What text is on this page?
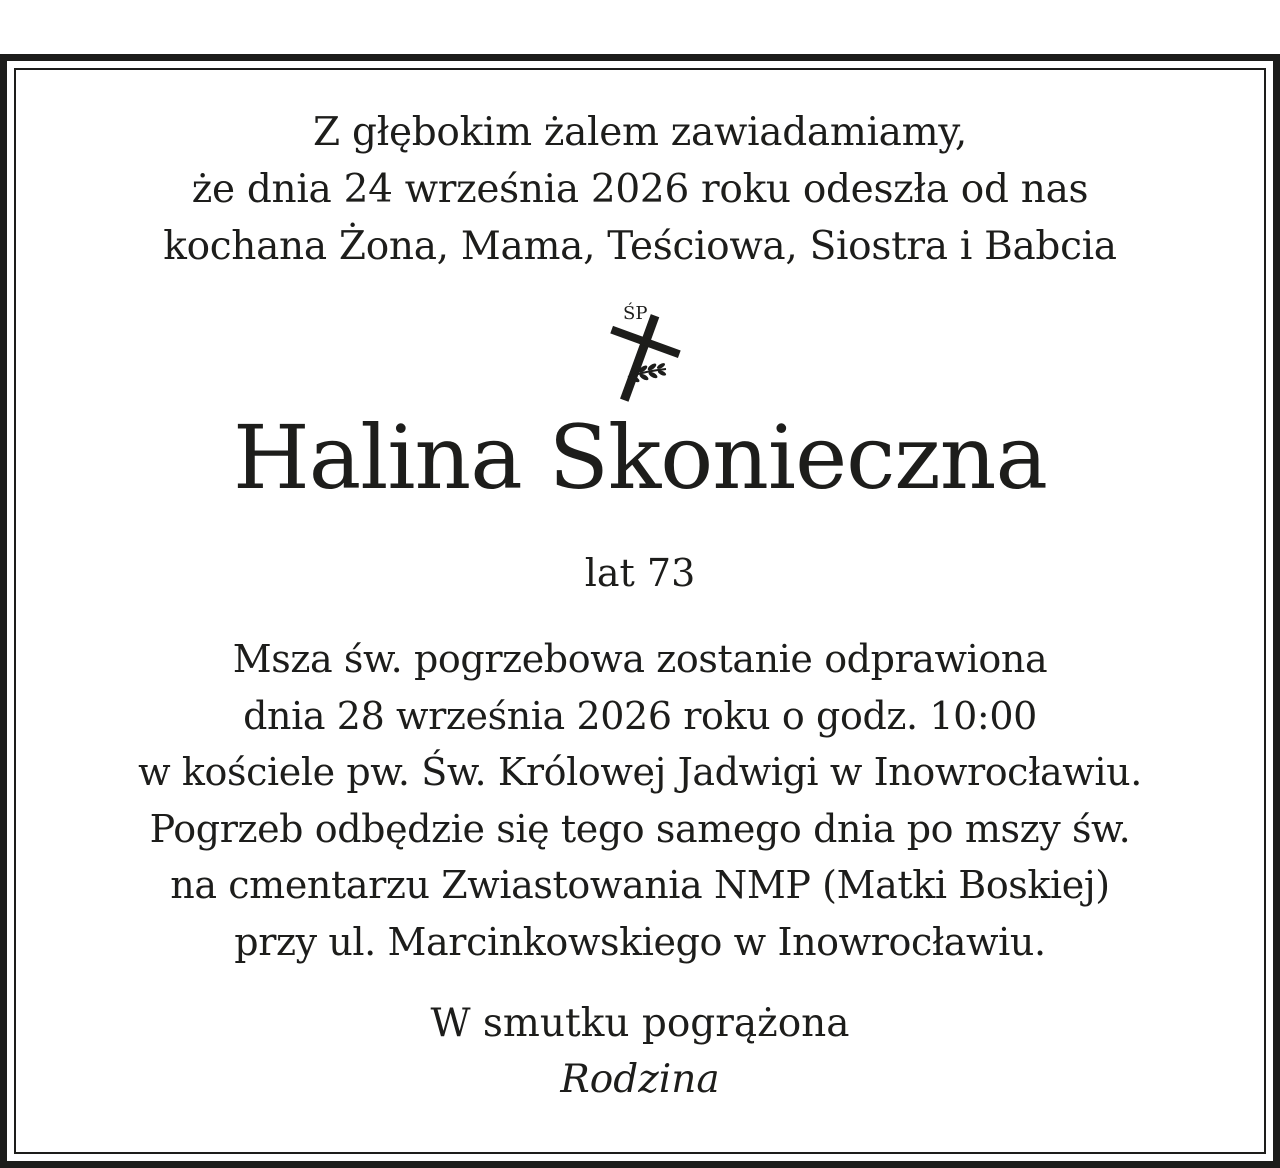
Z głębokim żalem zawiadamiamy,
że dnia 24 września 2026 roku odeszła od nas
kochana Żona, Mama, Teściowa, Siostra i Babcia
ŚP
Halina Skonieczna
lat 73
Msza św. pogrzebowa zostanie odprawiona
dnia 28 września 2026 roku o godz. 10:00
w kościele pw. Św. Królowej Jadwigi w Inowrocławiu.
Pogrzeb odbędzie się tego samego dnia po mszy św.
na cmentarzu Zwiastowania NMP (Matki Boskiej)
przy ul. Marcinkowskiego w Inowrocławiu.
W smutku pogrążona
Rodzina
